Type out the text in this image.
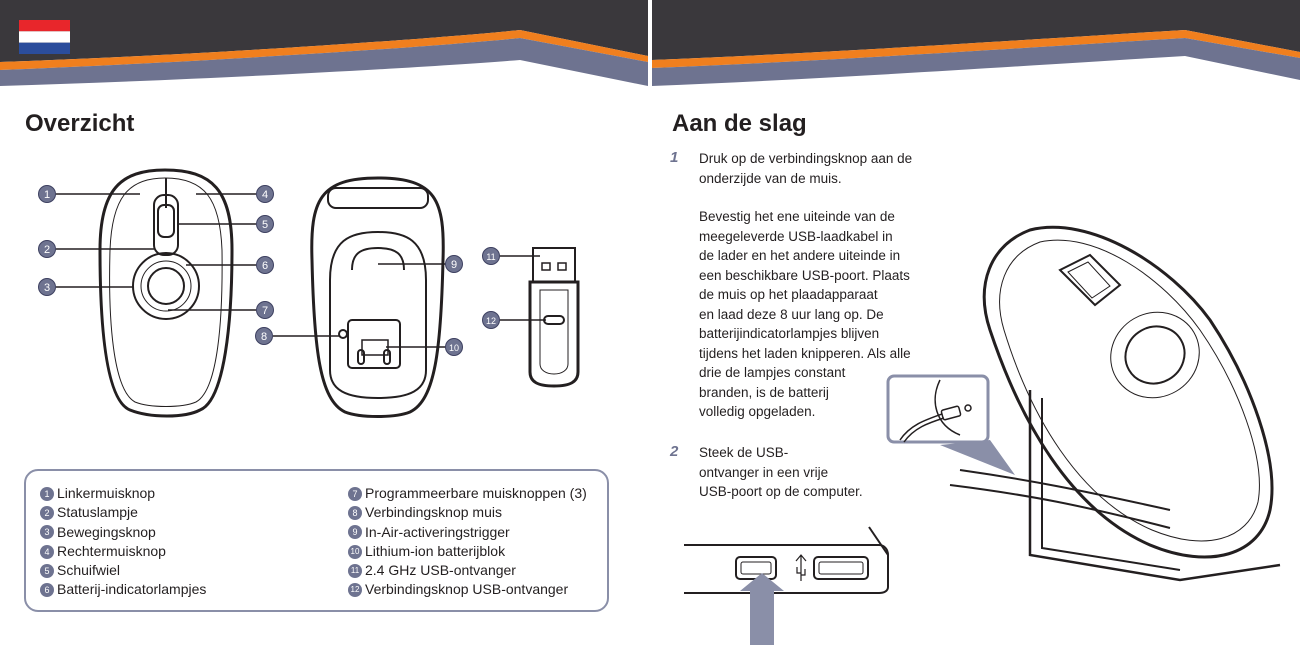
Overzicht	Aan de slag
1
2
3
4
5
6
7
8
9
10
11
12
1 Linkermuisknop
2 Statuslampje
3 Bewegingsknop
4 Rechtermuisknop
5 Schuifwiel
6 Batterij-indicatorlampjes
7 Programmeerbare muisknoppen (3)
8 Verbindingsknop muis
9 In-Air-activeringstrigger
10 Lithium-ion batterijblok
11 2.4 GHz USB-ontvanger
12 Verbindingsknop USB-ontvanger
1 Druk op de verbindingsknop aan de
onderzijde van de muis.
Bevestig het ene uiteinde van de
meegeleverde USB-laadkabel in
de lader en het andere uiteinde in
een beschikbare USB-poort. Plaats
de muis op het plaadapparaat
en laad deze 8 uur lang op. De
batterijindicatorlampjes blijven
tijdens het laden knipperen. Als alle
drie de lampjes constant
branden, is de batterij
volledig opgeladen.
2 Steek de USB-
ontvanger in een vrije
USB-poort op de computer.
